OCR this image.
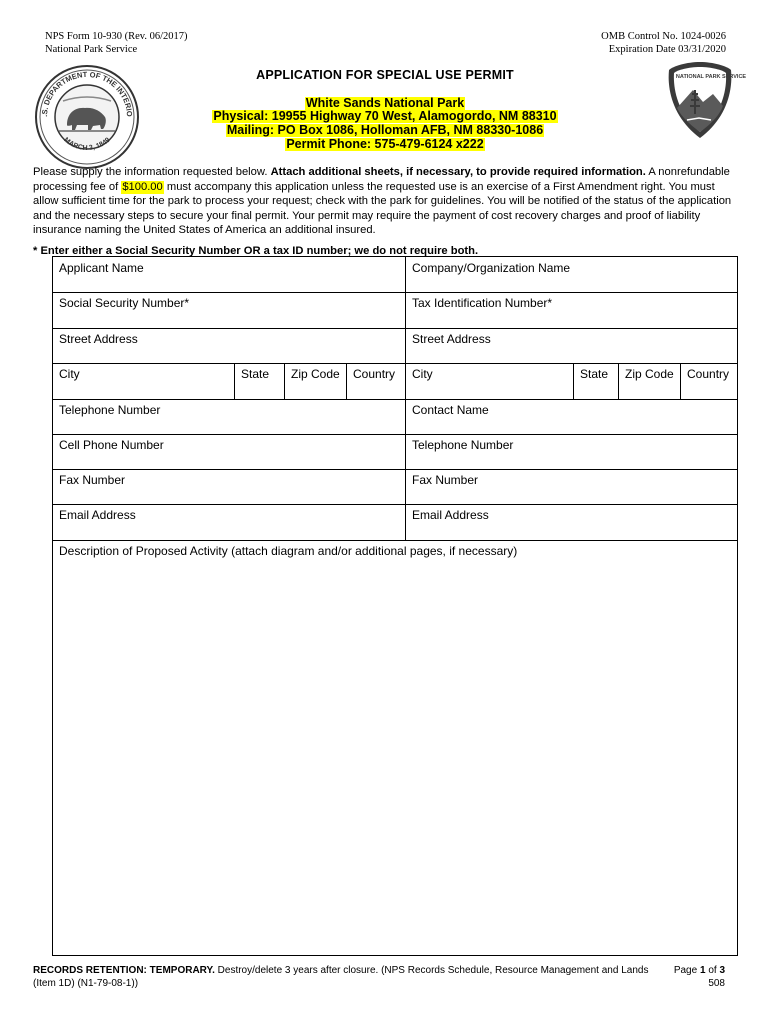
NPS Form 10-930 (Rev. 06/2017)
National Park Service
OMB Control No. 1024-0026
Expiration Date 03/31/2020
.S. DEPARTMENT OF THE INTERIO
MARCH 3, 1849
NATIONAL PARK SERVICE
APPLICATION FOR SPECIAL USE PERMIT
White Sands National Park
Physical: 19955 Highway 70 West, Alamogordo, NM 88310
Mailing: PO Box 1086, Holloman AFB, NM 88330-1086
Permit Phone: 575-479-6124 x222
Please supply the information requested below. Attach additional sheets, if necessary, to provide required information. A nonrefundable processing fee of $100.00 must accompany this application unless the requested use is an exercise of a First Amendment right. You must allow sufficient time for the park to process your request; check with the park for guidelines. You will be notified of the status of the application and the necessary steps to secure your final permit. Your permit may require the payment of cost recovery charges and proof of liability insurance naming the United States of America an additional insured.
* Enter either a Social Security Number OR a tax ID number; we do not require both.
Applicant Name	Company/Organization Name
Social Security Number*	Tax Identification Number*
Street Address	Street Address
City	State	Zip Code	Country	City	State	Zip Code	Country
Telephone Number	Contact Name
Cell Phone Number	Telephone Number
Fax Number	Fax Number
Email Address	Email Address
Description of Proposed Activity (attach diagram and/or additional pages, if necessary)
RECORDS RETENTION: TEMPORARY. Destroy/delete 3 years after closure. (NPS Records Schedule, Resource Management and Lands (Item 1D) (N1-79-08-1))
Page 1 of 3
508
